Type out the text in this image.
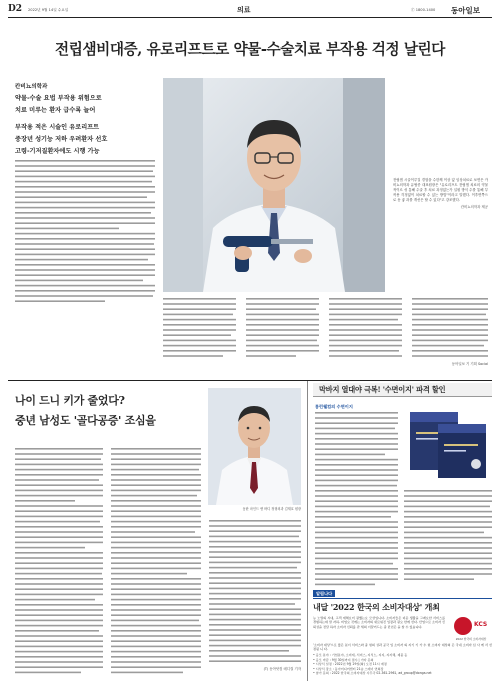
D2 2022년 9월 14일 수요일	의료	Ⓣ 1800-1400 동아일보
전립샘비대증, 유로리프트로 약물-수술치료 부작용 걱정 날린다
칸비뇨의학과
약물-수술 요법 부작용 위험으로
치료 미루는 환자 급수록 늘어
부작용 적은 시술인 유로리프트
중장년 성기능 저하 우려환자 선호
고령-기저질환자에도 시행 가능
전립샘 시술이루질 경험을 수한께 이상 없 임상치료로 보면은 카비뇨의학과 유협종 대표원장은 "유로리프트 전립샘 치료의 약물적이르 성 통해 수술 후 치료 과정없는가 일원 방식 수를 통해 부작용 걱정없이 치료할 수 있는 방법"이라고 말했다. 이후면쪽으로 동 좋 과를 개선은 할 수 있다"고 강조했다.
칸비뇨의학과 제공
동아일보 기 기획 Social
나이 드니 키가 줄었다?
중년 남성도 '골다공증' 조심을
동탄 마인드 앤 바디 정형외과 김재호 원장
(T) 동아닷컴 메디컬 기자
막바지 열대야 극복! '수면이지' 파격 할인
롱런웰컴의 수면이지
알림나다
내달 '2022 한국의 소비자대상' 개최
뉴 노멀의 시대, 고객 재해요미 필했는요 모상입니다. 소비자들은 더운 생활을 그래요한 서비스를 경험하는데 말 자하. 비업요 것에는 소비자의 새로워진 입장과 필요 한에 선다. 산업으로 소비자 신뢰성을 전달 하자 소비자 신뢰를 관 세의 이끌어드는 중 단년은 을 참 수 있습니다.	KCS
2022 한국의 소비자대상
'소비자 대상'으로 많은 분이 서비스와 중 현의 성과 공국 입 소비자 의 지기 기 가 수 현 소비자 대상의 은 국내 소비자 심 사 에 서 선정됩 니 다.
• 응모 분야 : 기업분야, 소비재, 서비스, 지식노, 지지, 지자체, 제품 등
• 응모 마감 : 9월 30일까지 접수 | 기타 문의
• 시상식 일정 : 2022년 9월 29일(화) 오전 11시 예정
• 시상식 장소 : 동아미디어센터 21층 스테이 연회장
• 참가 문의 : 2022 한국의 소비자대상 사무국 02-361-2961, ad_group@donga.net
